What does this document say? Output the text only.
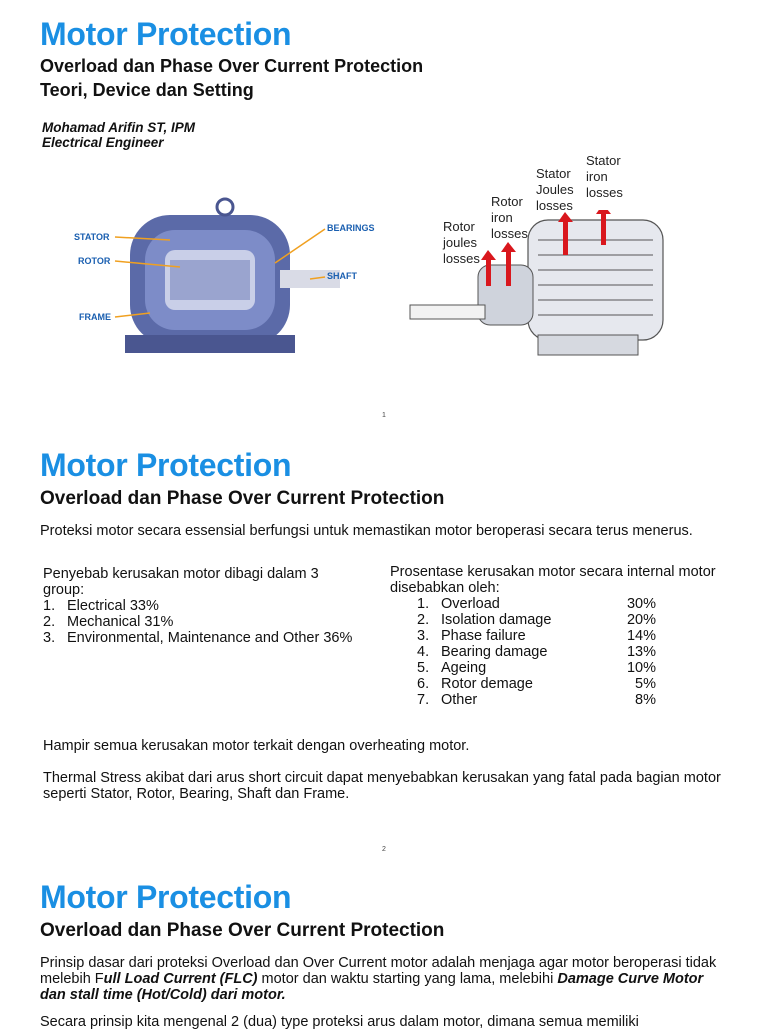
Motor Protection
Overload dan Phase Over Current Protection
Teori, Device dan Setting
Mohamad Arifin ST, IPM
Electrical Engineer
STATOR
ROTOR
FRAME
BEARINGS
SHAFT
Rotor
joules
losses
Rotor
iron
losses
Stator
Joules
losses
Stator
iron
losses
1
Motor Protection
Overload dan Phase Over Current Protection
Proteksi motor secara essensial berfungsi untuk memastikan motor beroperasi secara terus menerus.
Penyebab kerusakan motor dibagi dalam 3 group:
1. Electrical 33%
2. Mechanical 31%
3. Environmental, Maintenance and Other 36%
Prosentase kerusakan motor secara internal motor disebabkan oleh:
1. Overload	30%
2. Isolation damage	20%
3. Phase failure	14%
4. Bearing damage	13%
5. Ageing	10%
6. Rotor demage	5%
7. Other	8%
Hampir semua kerusakan motor terkait dengan overheating motor.
Thermal Stress akibat dari arus short circuit dapat menyebabkan kerusakan yang fatal pada bagian motor seperti Stator, Rotor, Bearing, Shaft dan Frame.
2
Motor Protection
Overload dan Phase Over Current Protection
Prinsip dasar dari proteksi Overload dan Over Current motor adalah menjaga agar motor beroperasi tidak melebih Full Load Current (FLC) motor dan waktu starting yang lama, melebihi Damage Curve Motor dan stall time (Hot/Cold) dari motor.
Secara prinsip kita mengenal 2 (dua) type proteksi arus dalam motor, dimana semua memiliki
